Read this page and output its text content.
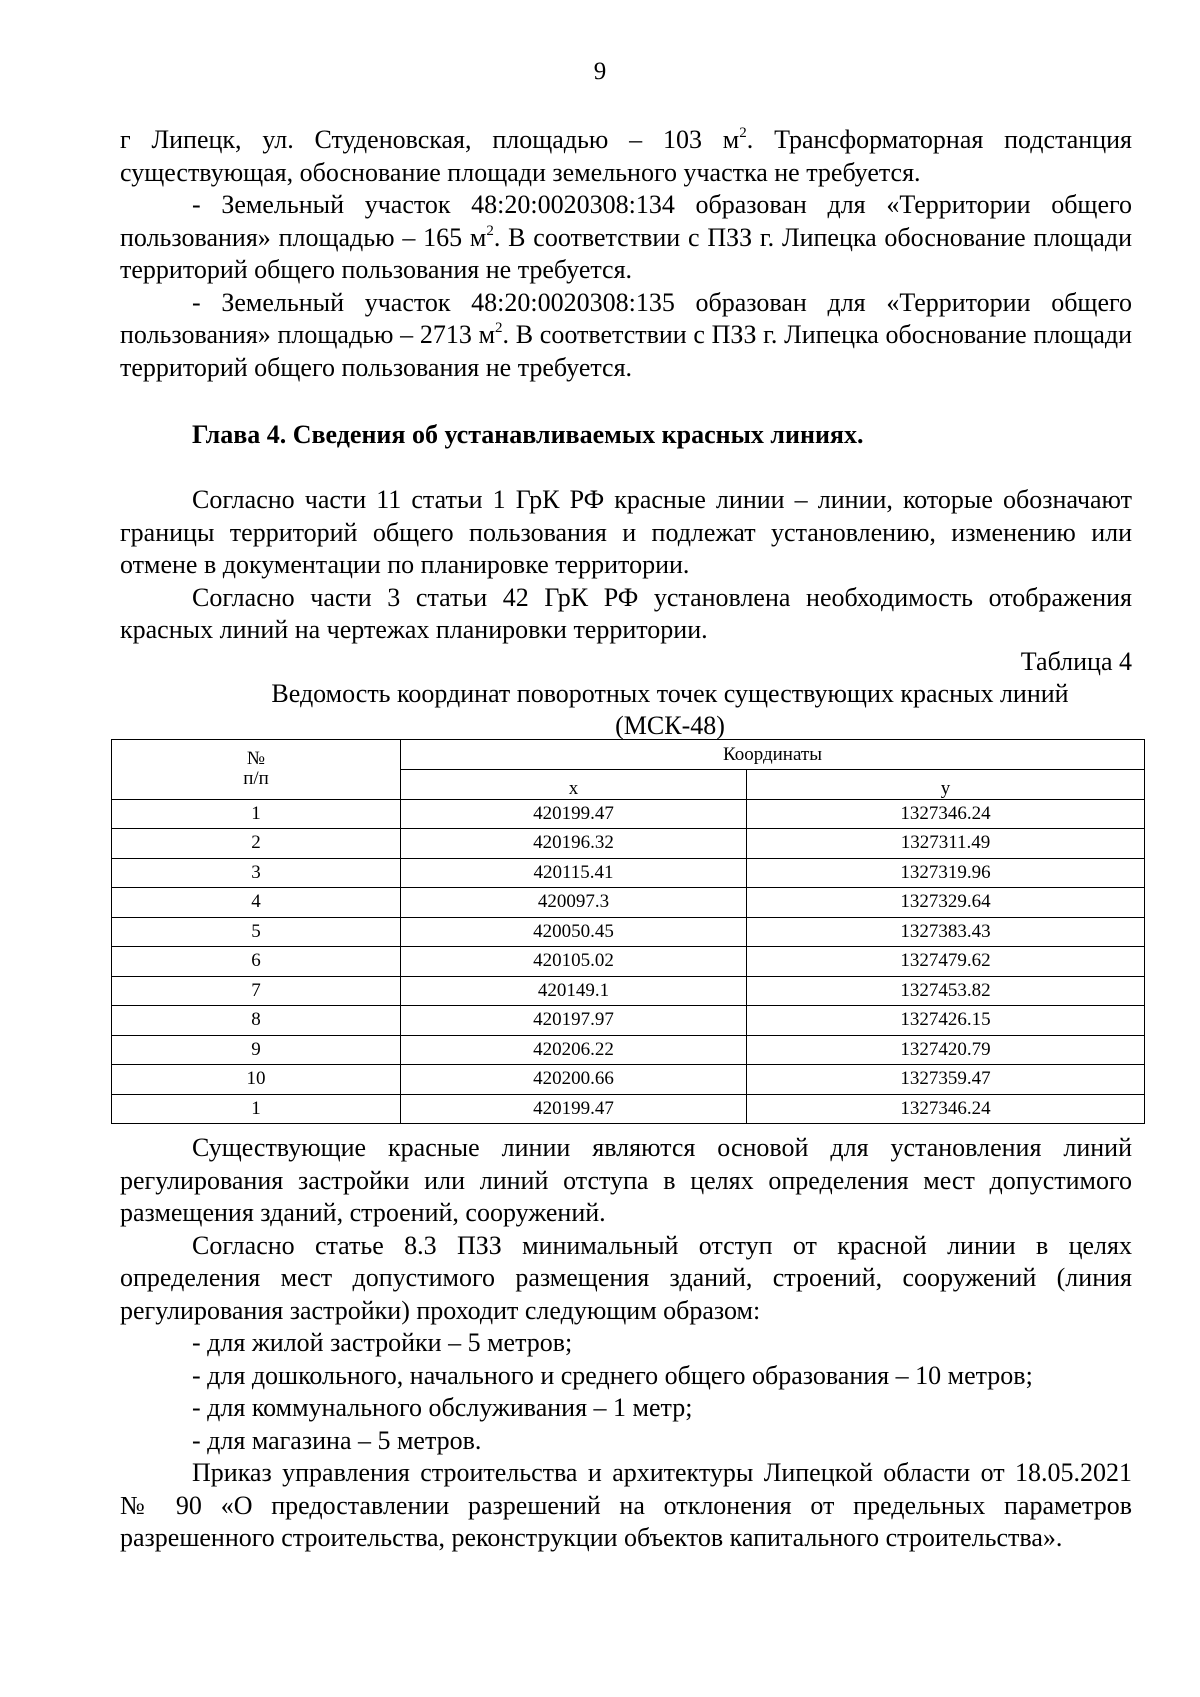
9

г Липецк, ул. Студеновская, площадью – 103 $м^2$. Трансформаторная подстанция существующая, обоснование площади земельного участка не требуется.

- Земельный участок 48:20:0020308:134 образован для «Территории общего пользования» площадью – 165 $м^2$. В соответствии с ПЗЗ г. Липецка обоснование площади территорий общего пользования не требуется.

- Земельный участок 48:20:0020308:135 образован для «Территории общего пользования» площадью – 2713 $м^2$. В соответствии с ПЗЗ г. Липецка обоснование площади территорий общего пользования не требуется.

Глава 4. Сведения об устанавливаемых красных линиях.

Согласно части 11 статьи 1 ГрК РФ красные линии – линии, которые обозначают границы территорий общего пользования и подлежат установлению, изменению или отмене в документации по планировке территории.

Согласно части 3 статьи 42 ГрК РФ установлена необходимость отображения красных линий на чертежах планировки территории.

Таблица 4
Ведомость координат поворотных точек существующих красных линий
(МСК-48)
№
п/п	Координаты	
	x	y
1	420199.47	1327346.24
2	420196.32	1327311.49
3	420115.41	1327319.96
4	420097.3	1327329.64
5	420050.45	1327383.43
6	420105.02	1327479.62
7	420149.1	1327453.82
8	420197.97	1327426.15
9	420206.22	1327420.79
10	420200.66	1327359.47
1	420199.47	1327346.24

Существующие красные линии являются основой для установления линий регулирования застройки или линий отступа в целях определения мест допустимого размещения зданий, строений, сооружений.

Согласно статье 8.3 ПЗЗ минимальный отступ от красной линии в целях определения мест допустимого размещения зданий, строений, сооружений (линия регулирования застройки) проходит следующим образом:

- для жилой застройки – 5 метров;

- для дошкольного, начального и среднего общего образования – 10 метров;

- для коммунального обслуживания – 1 метр;

- для магазина – 5 метров.

Приказ управления строительства и архитектуры Липецкой области от 18.05.2021 № 90 «О предоставлении разрешений на отклонения от предельных параметров разрешенного строительства, реконструкции объектов капитального строительства».
